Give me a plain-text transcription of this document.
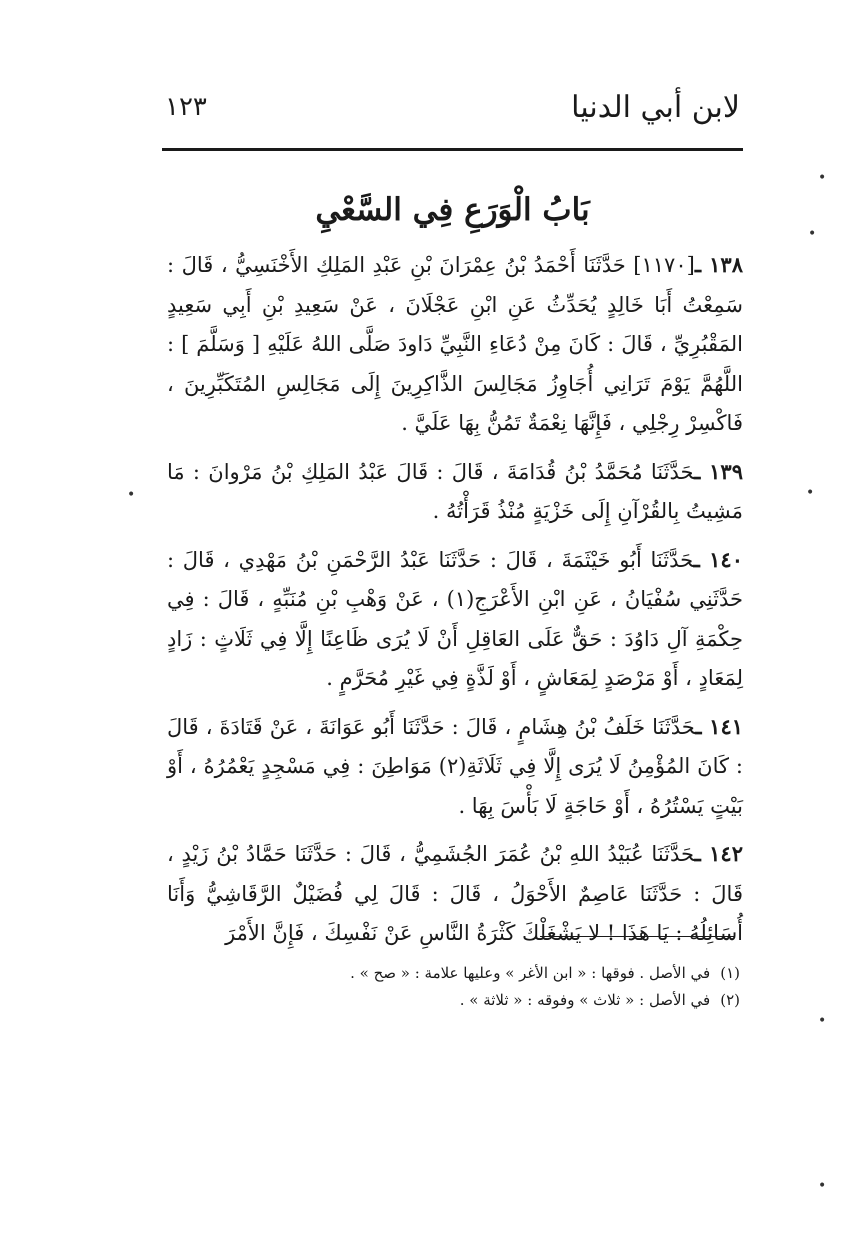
لابن أبي الدنيا
١٢٣
بَابُ الْوَرَعِ فِي السَّعْيِ

١٣٨ ـ[١١٧٠] حَدَّثَنَا أَحْمَدُ بْنُ عِمْرَانَ بْنِ عَبْدِ المَلِكِ الأَخْنَسِيُّ ، قَالَ : سَمِعْتُ أَبَا خَالِدٍ يُحَدِّثُ عَنِ ابْنِ عَجْلَانَ ، عَنْ سَعِيدِ بْنِ أَبِي سَعِيدٍ المَقْبُرِيِّ ، قَالَ : كَانَ مِنْ دُعَاءِ النَّبِيِّ دَاودَ صَلَّى اللهُ عَلَيْهِ [ وَسَلَّمَ ] : اللَّهُمَّ يَوْمَ تَرَانِي أُجَاوِزُ مَجَالِسَ الذَّاكِرِينَ إِلَى مَجَالِسِ المُتَكَبِّرِينَ ، فَاكْسِرْ رِجْلِي ، فَإِنَّهَا نِعْمَةٌ تَمُنُّ بِهَا عَلَيَّ .

١٣٩ ـحَدَّثَنَا مُحَمَّدُ بْنُ قُدَامَةَ ، قَالَ : قَالَ عَبْدُ المَلِكِ بْنُ مَرْوانَ : مَا مَشِيتُ بِالقُرْآنِ إِلَى خَزْيَةٍ مُنْذُ قَرَأْتُهُ .

١٤٠ ـحَدَّثَنَا أَبُو خَيْثَمَةَ ، قَالَ : حَدَّثَنَا عَبْدُ الرَّحْمَنِ بْنُ مَهْدِي ، قَالَ : حَدَّثَنِي سُفْيَانُ ، عَنِ ابْنِ الأَعْرَجِ(١) ، عَنْ وَهْبِ بْنِ مُنَبِّهٍ ، قَالَ : فِي حِكْمَةِ آلِ دَاوُدَ : حَقٌّ عَلَى العَاقِلِ أَنْ لَا يُرَى ظَاعِنًا إِلَّا فِي ثَلَاثٍ : زَادٍ لِمَعَادٍ ، أَوْ مَرْصَدٍ لِمَعَاشٍ ، أَوْ لَذَّةٍ فِي غَيْرِ مُحَرَّمٍ .

١٤١ ـحَدَّثَنَا خَلَفُ بْنُ هِشَامٍ ، قَالَ : حَدَّثَنَا أَبُو عَوَانَةَ ، عَنْ قَتَادَةَ ، قَالَ : كَانَ المُؤْمِنُ لَا يُرَى إِلَّا فِي ثَلَاثَةِ(٢) مَوَاطِنَ : فِي مَسْجِدٍ يَعْمُرُهُ ، أَوْ بَيْتٍ يَسْتُرُهُ ، أَوْ حَاجَةٍ لَا بَأْسَ بِهَا .

١٤٢ ـحَدَّثَنَا عُبَيْدُ اللهِ بْنُ عُمَرَ الجُشَمِيُّ ، قَالَ : حَدَّثَنَا حَمَّادُ بْنُ زَيْدٍ ، قَالَ : حَدَّثَنَا عَاصِمٌ الأَحْوَلُ ، قَالَ : قَالَ لِي فُضَيْلٌ الرَّقَاشِيُّ وَأَنَا أُسَائِلُهُ : يَا هَذَا ! لا يَشْغَلْكَ كَثْرَةُ النَّاسِ عَنْ نَفْسِكَ ، فَإِنَّ الأَمْرَ

(١)في الأصل . فوقها : « ابن الأغر » وعليها علامة : « صح » .
(٢)في الأصل : « ثلاث » وفوقه : « ثلاثة » .
•
•
•	•
•
•
